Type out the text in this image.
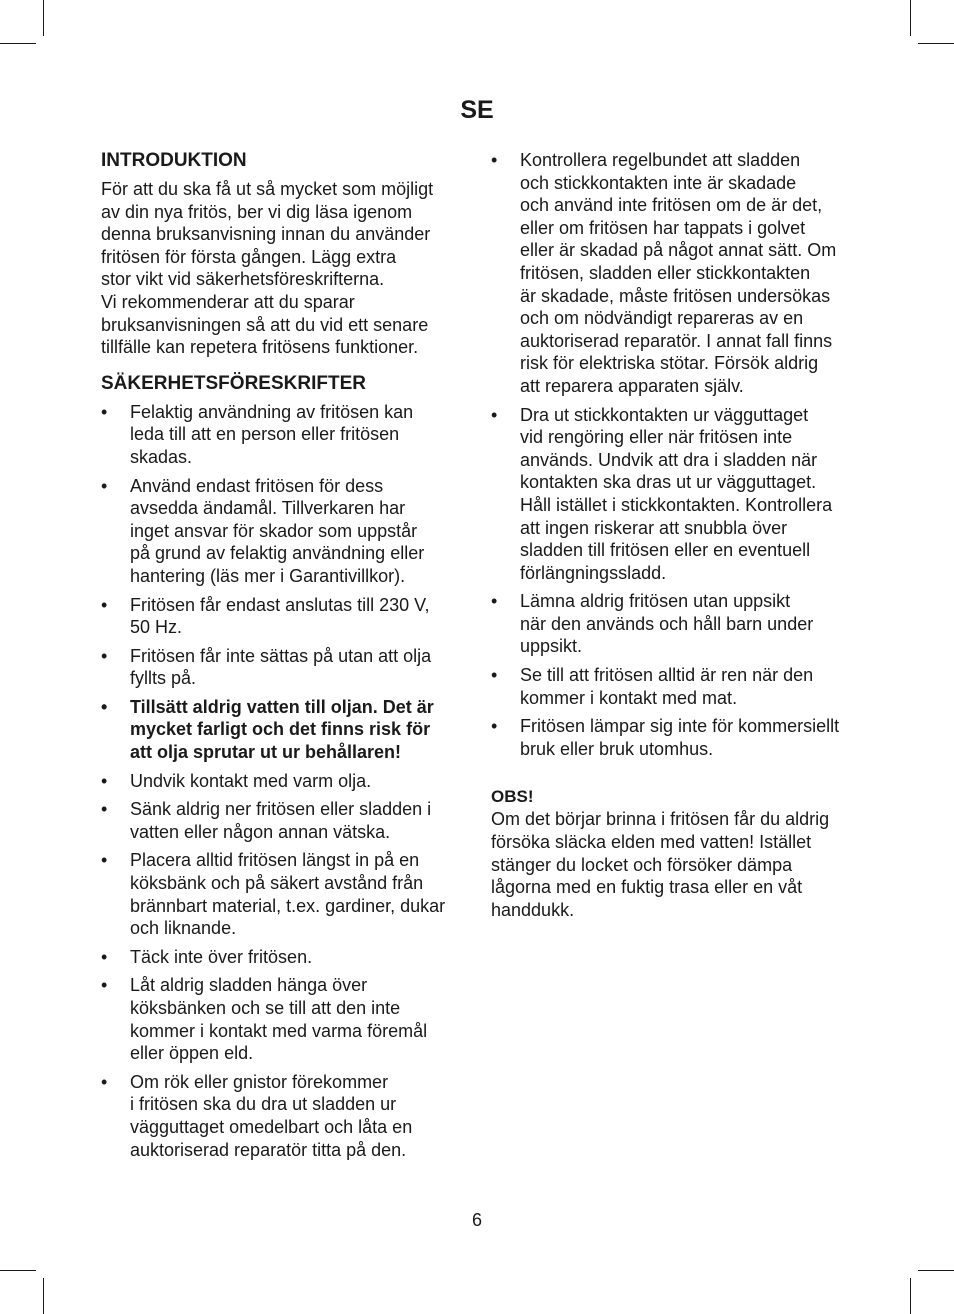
SE
INTRODUKTION

För att du ska få ut så mycket som möjligt
av din nya fritös, ber vi dig läsa igenom
denna bruksanvisning innan du använder
fritösen för första gången. Lägg extra
stor vikt vid säkerhetsföreskrifterna.
Vi rekommenderar att du sparar
bruksanvisningen så att du vid ett senare
tillfälle kan repetera fritösens funktioner.

SÄKERHETSFÖRESKRIFTER
• Felaktig användning av fritösen kan
leda till att en person eller fritösen
skadas.
• Använd endast fritösen för dess
avsedda ändamål. Tillverkaren har
inget ansvar för skador som uppstår
på grund av felaktig användning eller
hantering (läs mer i Garantivillkor).
• Fritösen får endast anslutas till 230 V,
50 Hz.
• Fritösen får inte sättas på utan att olja
fyllts på.
• Tillsätt aldrig vatten till oljan. Det är
mycket farligt och det finns risk för
att olja sprutar ut ur behållaren!
• Undvik kontakt med varm olja.
• Sänk aldrig ner fritösen eller sladden i
vatten eller någon annan vätska.
• Placera alltid fritösen längst in på en
köksbänk och på säkert avstånd från
brännbart material, t.ex. gardiner, dukar
och liknande.
• Täck inte över fritösen.
• Låt aldrig sladden hänga över
köksbänken och se till att den inte
kommer i kontakt med varma föremål
eller öppen eld.
• Om rök eller gnistor förekommer
i fritösen ska du dra ut sladden ur
vägguttaget omedelbart och låta en
auktoriserad reparatör titta på den.
• Kontrollera regelbundet att sladden
och stickkontakten inte är skadade
och använd inte fritösen om de är det,
eller om fritösen har tappats i golvet
eller är skadad på något annat sätt. Om
fritösen, sladden eller stickkontakten
är skadade, måste fritösen undersökas
och om nödvändigt repareras av en
auktoriserad reparatör. I annat fall finns
risk för elektriska stötar. Försök aldrig
att reparera apparaten själv.
• Dra ut stickkontakten ur vägguttaget
vid rengöring eller när fritösen inte
används. Undvik att dra i sladden när
kontakten ska dras ut ur vägguttaget.
Håll istället i stickkontakten. Kontrollera
att ingen riskerar att snubbla över
sladden till fritösen eller en eventuell
förlängningssladd.
• Lämna aldrig fritösen utan uppsikt
när den används och håll barn under
uppsikt.
• Se till att fritösen alltid är ren när den
kommer i kontakt med mat.
• Fritösen lämpar sig inte för kommersiellt
bruk eller bruk utomhus.
OBS!

Om det börjar brinna i fritösen får du aldrig
försöka släcka elden med vatten! Istället
stänger du locket och försöker dämpa
lågorna med en fuktig trasa eller en våt
handdukk.

6
